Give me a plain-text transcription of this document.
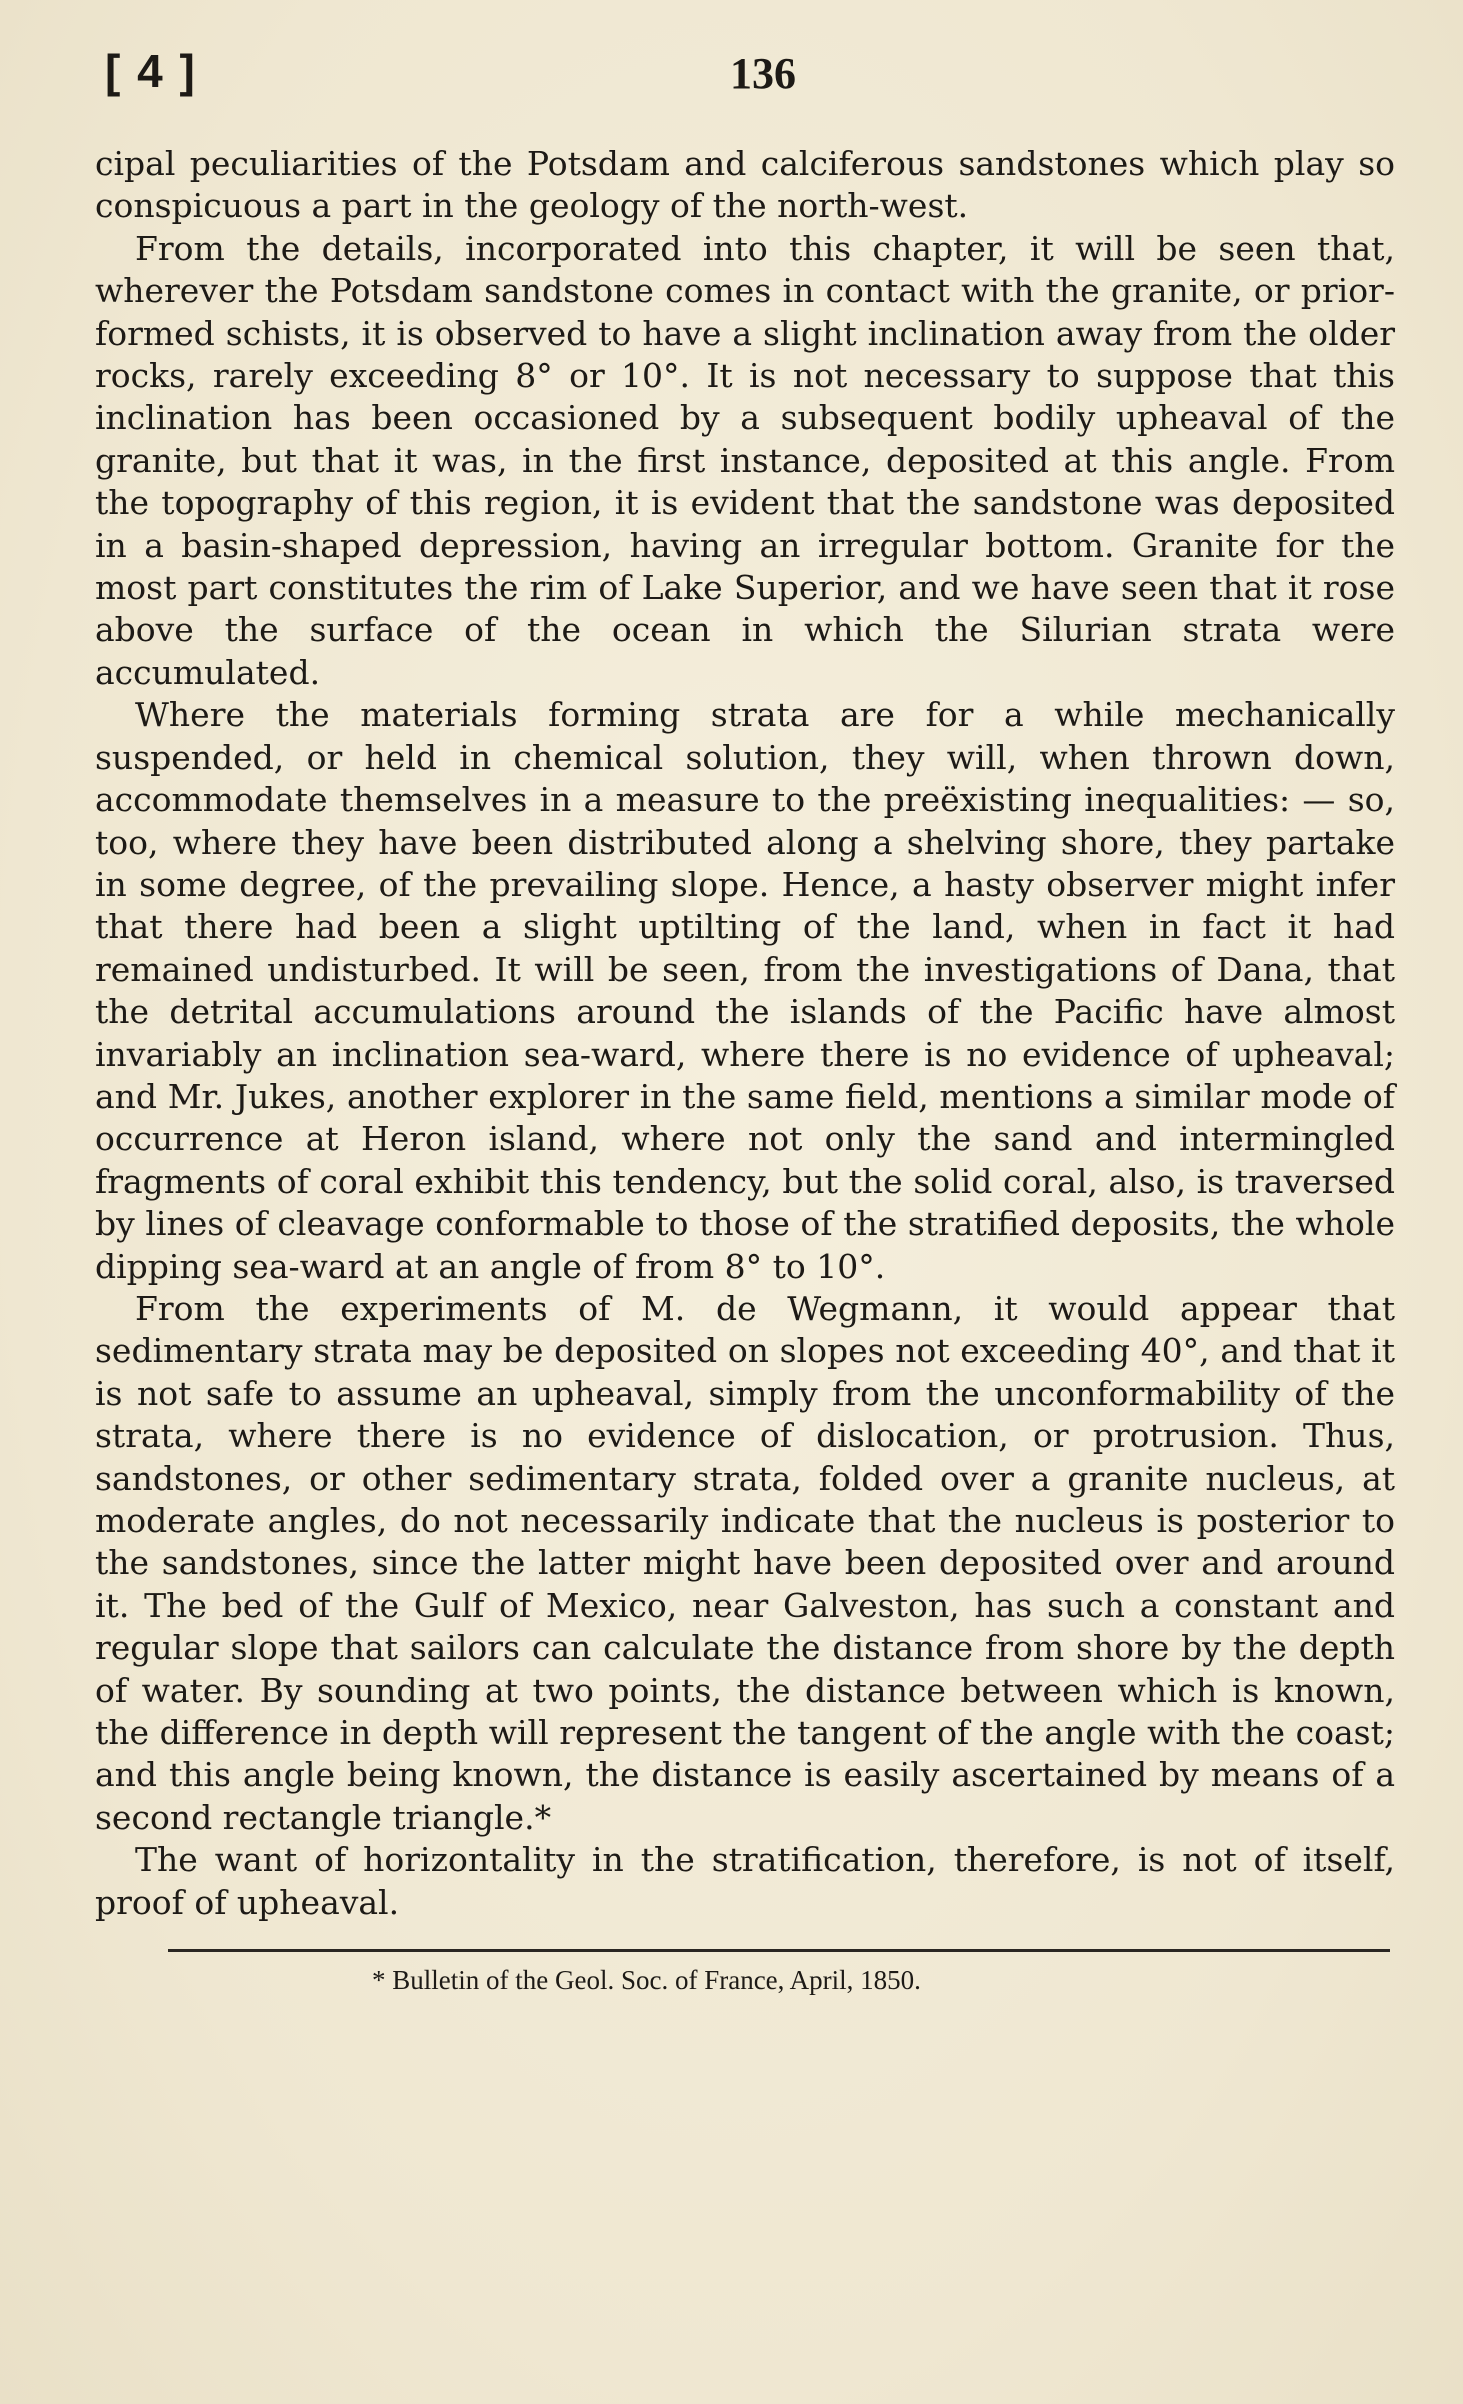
[ 4 ]	136

cipal peculiarities of the Potsdam and calciferous sandstones which play so conspicuous a part in the geology of the north-west.

From the details, incorporated into this chapter, it will be seen that, wherever the Potsdam sandstone comes in contact with the granite, or prior-formed schists, it is observed to have a slight inclination away from the older rocks, rarely exceeding 8° or 10°. It is not necessary to suppose that this inclination has been occasioned by a subsequent bodily upheaval of the granite, but that it was, in the first instance, deposited at this angle. From the topography of this region, it is evident that the sandstone was deposited in a basin-shaped depression, having an irregular bottom. Granite for the most part constitutes the rim of Lake Superior, and we have seen that it rose above the surface of the ocean in which the Silurian strata were accumulated.

Where the materials forming strata are for a while mechanically suspended, or held in chemical solution, they will, when thrown down, accommodate themselves in a measure to the preëxisting inequalities: — so, too, where they have been distributed along a shelving shore, they partake in some degree, of the prevailing slope. Hence, a hasty observer might infer that there had been a slight uptilting of the land, when in fact it had remained undisturbed. It will be seen, from the investigations of Dana, that the detrital accumulations around the islands of the Pacific have almost invariably an inclination sea-ward, where there is no evidence of upheaval; and Mr. Jukes, another explorer in the same field, mentions a similar mode of occurrence at Heron island, where not only the sand and intermingled fragments of coral exhibit this tendency, but the solid coral, also, is traversed by lines of cleavage conformable to those of the stratified deposits, the whole dipping sea-ward at an angle of from 8° to 10°.

From the experiments of M. de Wegmann, it would appear that sedimentary strata may be deposited on slopes not exceeding 40°, and that it is not safe to assume an upheaval, simply from the unconformability of the strata, where there is no evidence of dislocation, or protrusion. Thus, sandstones, or other sedimentary strata, folded over a granite nucleus, at moderate angles, do not necessarily indicate that the nucleus is posterior to the sandstones, since the latter might have been deposited over and around it. The bed of the Gulf of Mexico, near Galveston, has such a constant and regular slope that sailors can calculate the distance from shore by the depth of water. By sounding at two points, the distance between which is known, the difference in depth will represent the tangent of the angle with the coast; and this angle being known, the distance is easily ascertained by means of a second rectangle triangle.*

The want of horizontality in the stratification, therefore, is not of itself, proof of upheaval.

* Bulletin of the Geol. Soc. of France, April, 1850.
